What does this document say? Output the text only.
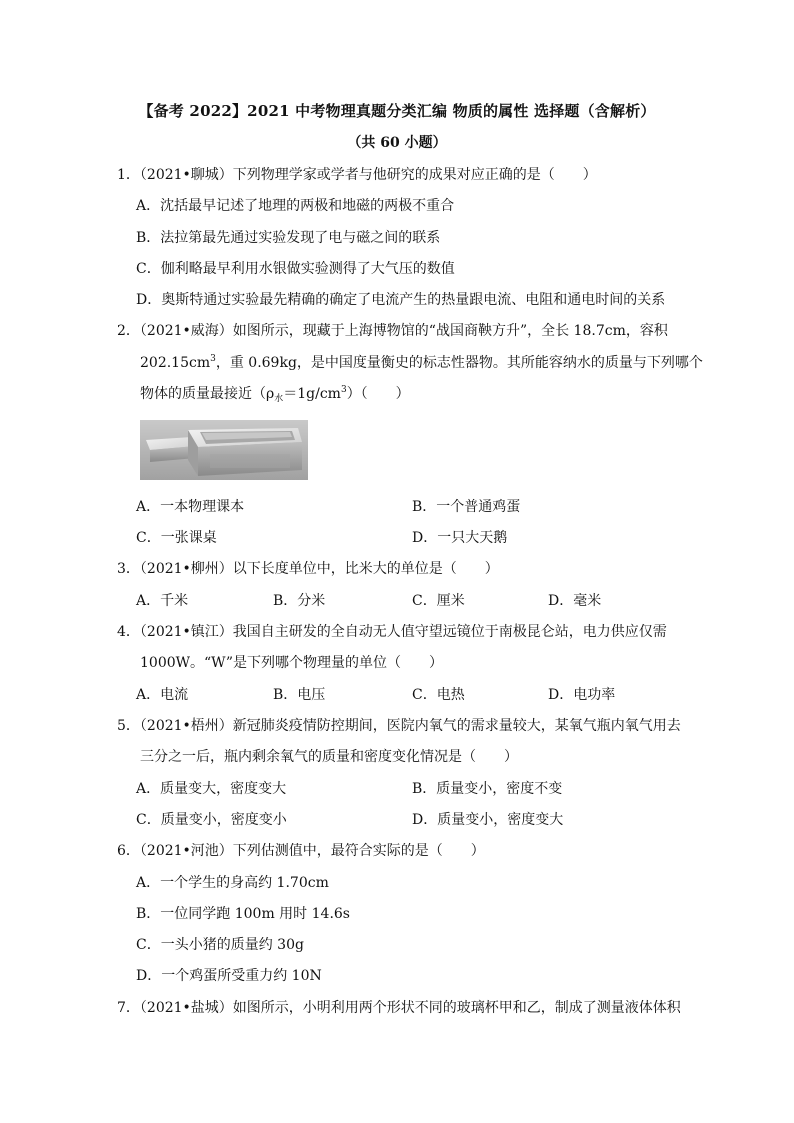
【备考 2022】2021 中考物理真题分类汇编 物质的属性 选择题（含解析）
（共 60 小题）
1．（2021•聊城）下列物理学家或学者与他研究的成果对应正确的是（　　）
A．沈括最早记述了地理的两极和地磁的两极不重合
B．法拉第最先通过实验发现了电与磁之间的联系
C．伽利略最早利用水银做实验测得了大气压的数值
D．奥斯特通过实验最先精确的确定了电流产生的热量跟电流、电阻和通电时间的关系
2．（2021•威海）如图所示，现藏于上海博物馆的“战国商鞅方升”，全长 18.7cm，容积
$202.15cm^3$，重 0.69kg，是中国度量衡史的标志性器物。其所能容纳水的质量与下列哪个
物体的质量最接近$(\rho_水=1g/cm^3)$（　　）
A．一本物理课本	B．一个普通鸡蛋
C．一张课桌	D．一只大天鹅
3．（2021•柳州）以下长度单位中，比米大的单位是（　　）
A．千米	B．分米	C．厘米	D．毫米
4．（2021•镇江）我国自主研发的全自动无人值守望远镜位于南极昆仑站，电力供应仅需
1000W。“W”是下列哪个物理量的单位（　　）
A．电流	B．电压	C．电热	D．电功率
5．（2021•梧州）新冠肺炎疫情防控期间，医院内氧气的需求量较大，某氧气瓶内氧气用去
三分之一后，瓶内剩余氧气的质量和密度变化情况是（　　）
A．质量变大，密度变大	B．质量变小，密度不变
C．质量变小，密度变小	D．质量变小，密度变大
6．（2021•河池）下列估测值中，最符合实际的是（　　）
A．一个学生的身高约 1.70cm
B．一位同学跑 100m 用时 14.6s
C．一头小猪的质量约 30g
D．一个鸡蛋所受重力约 10N
7．（2021•盐城）如图所示，小明利用两个形状不同的玻璃杯甲和乙，制成了测量液体体积
